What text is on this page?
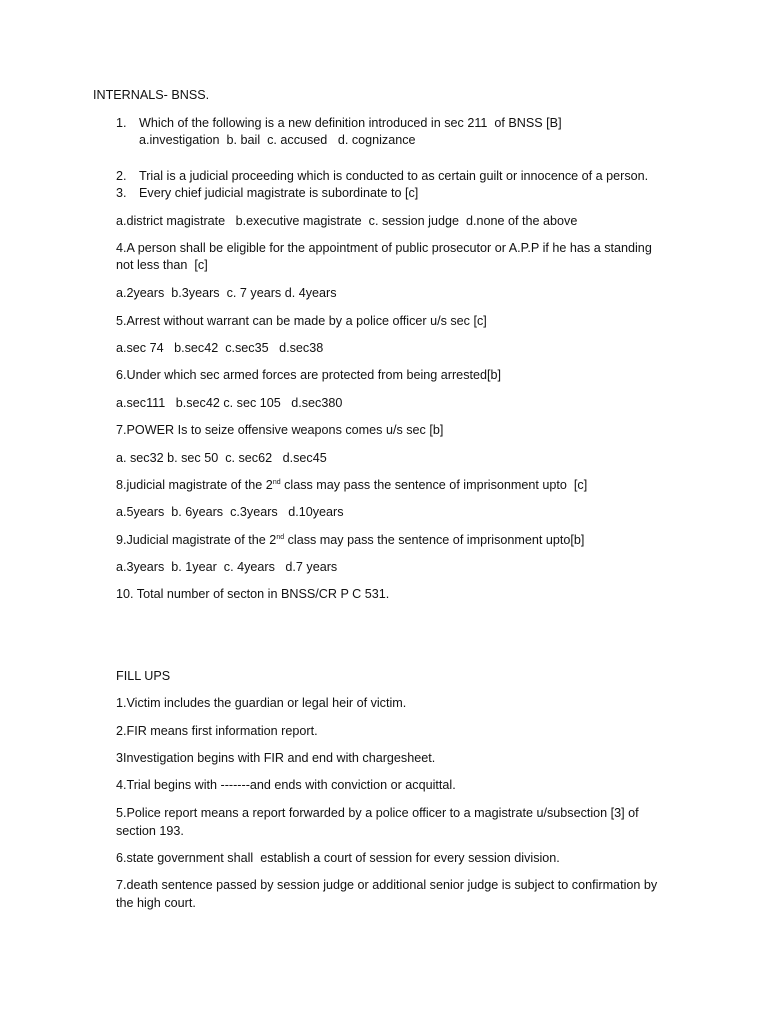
INTERNALS- BNSS.
1. Which of the following is a new definition introduced in sec 211  of BNSS [B]
a.investigation  b. bail  c. accused   d. cognizance
2. Trial is a judicial proceeding which is conducted to as certain guilt or innocence of a person.
3. Every chief judicial magistrate is subordinate to [c]
a.district magistrate   b.executive magistrate  c. session judge  d.none of the above
4.A person shall be eligible for the appointment of public prosecutor or A.P.P if he has a standing
not less than  [c]
a.2years  b.3years  c. 7 years d. 4years
5.Arrest without warrant can be made by a police officer u/s sec [c]
a.sec 74   b.sec42  c.sec35   d.sec38
6.Under which sec armed forces are protected from being arrested[b]
a.sec111   b.sec42 c. sec 105   d.sec380
7.POWER Is to seize offensive weapons comes u/s sec [b]
a. sec32 b. sec 50  c. sec62   d.sec45
8.judicial magistrate of the 2nd class may pass the sentence of imprisonment upto  [c]
a.5years  b. 6years  c.3years   d.10years
9.Judicial magistrate of the 2nd class may pass the sentence of imprisonment upto[b]
a.3years  b. 1year  c. 4years   d.7 years
10. Total number of secton in BNSS/CR P C 531.
FILL UPS
1.Victim includes the guardian or legal heir of victim.
2.FIR means first information report.
3Investigation begins with FIR and end with chargesheet.
4.Trial begins with -------and ends with conviction or acquittal.
5.Police report means a report forwarded by a police officer to a magistrate u/subsection [3] of
section 193.
6.state government shall  establish a court of session for every session division.
7.death sentence passed by session judge or additional senior judge is subject to confirmation by
the high court.
